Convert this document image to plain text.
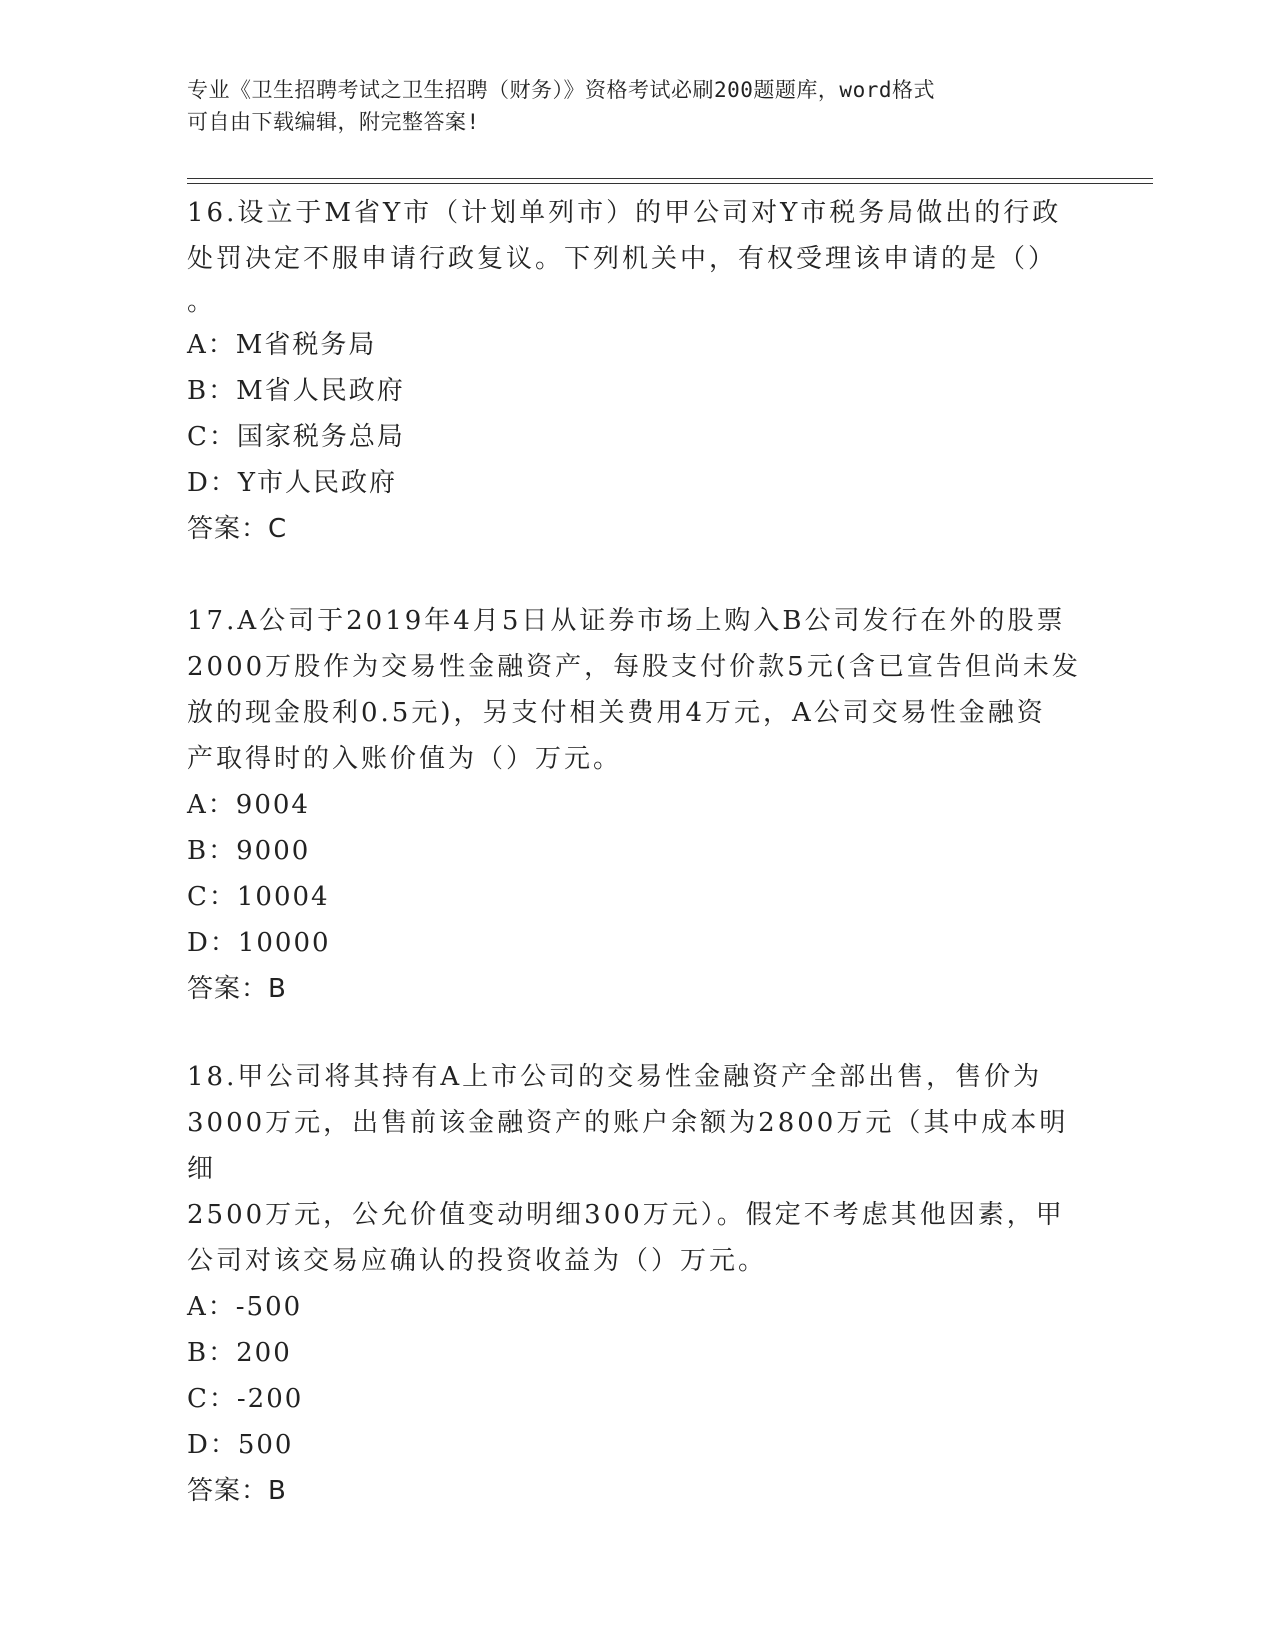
专业《卫生招聘考试之卫生招聘（财务）》资格考试必刷200题题库，word格式
可自由下载编辑，附完整答案!

16.设立于M省Y市（计划单列市）的甲公司对Y市税务局做出的行政

处罚决定不服申请行政复议。下列机关中，有权受理该申请的是（）

。

A：M省税务局

B：M省人民政府

C：国家税务总局

D：Y市人民政府

答案：C

17.A公司于2019年4月5日从证券市场上购入B公司发行在外的股票

2000万股作为交易性金融资产，每股支付价款5元(含已宣告但尚未发

放的现金股利0.5元)，另支付相关费用4万元，A公司交易性金融资

产取得时的入账价值为（）万元。

A：9004

B：9000

C：10004

D：10000

答案：B

18.甲公司将其持有A上市公司的交易性金融资产全部出售，售价为

3000万元，出售前该金融资产的账户余额为2800万元（其中成本明细

2500万元，公允价值变动明细300万元）。假定不考虑其他因素，甲

公司对该交易应确认的投资收益为（）万元。

A：-500

B：200

C：-200

D：500

答案：B
